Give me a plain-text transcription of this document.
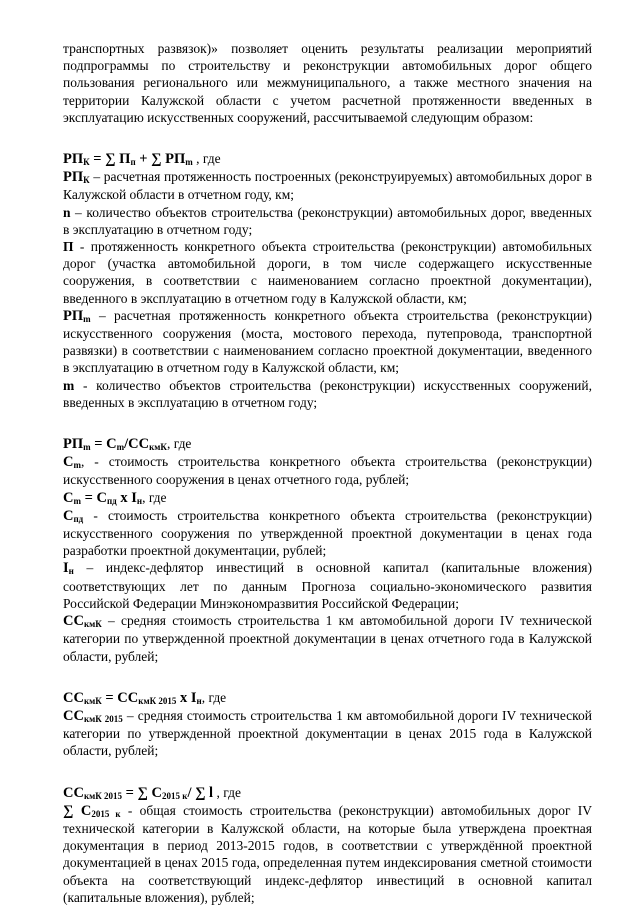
транспортных развязок)» позволяет оценить результаты реализации мероприятий подпрограммы по строительству и реконструкции автомобильных дорог общего пользования регионального или межмуниципального, а также местного значения на территории Калужской области с учетом расчетной протяженности введенных в эксплуатацию искусственных сооружений, рассчитываемой следующим образом:

$РП_К$ = ∑ $П_п$ + ∑ $РП_m$ , где

$РП_К$ – расчетная протяженность построенных (реконструируемых) автомобильных дорог в Калужской области в отчетном году, км;

n – количество объектов строительства (реконструкции) автомобильных дорог, введенных в эксплуатацию в отчетном году;

П - протяженность конкретного объекта строительства (реконструкции) автомобильных дорог (участка автомобильной дороги, в том числе содержащего искусственные сооружения, в соответствии с наименованием согласно проектной документации), введенного в эксплуатацию в отчетном году в Калужской области, км;

$РП_m$ – расчетная протяженность конкретного объекта строительства (реконструкции) искусственного сооружения (моста, мостового перехода, путепровода, транспортной развязки) в соответствии с наименованием согласно проектной документации, введенного в эксплуатацию в отчетном году в Калужской области, км;

m - количество объектов строительства (реконструкции) искусственных сооружений, введенных в эксплуатацию в отчетном году;

$РП_m = C_m/CC_{кмК}$, где

$С_m$, - стоимость строительства конкретного объекта строительства (реконструкции) искусственного сооружения в ценах отчетного года, рублей;

$С_m = С_{пд}$ x $I_н$, где

$С_{пд}$ - стоимость строительства конкретного объекта строительства (реконструкции) искусственного сооружения по утвержденной проектной документации в ценах года разработки проектной документации, рублей;

$I_н$ – индекс-дефлятор инвестиций в основной капитал (капитальные вложения) соответствующих лет по данным Прогноза социально-экономического развития Российской Федерации Минэкономразвития Российской Федерации;

$СС_{кмК}$ – средняя стоимость строительства 1 км автомобильной дороги IV технической категории по утвержденной проектной документации в ценах отчетного года в Калужской области, рублей;

$СС_{кмК} = СС_{кмК 2015}$ x $I_н$, где

$СС_{кмК 2015}$ – средняя стоимость строительства 1 км автомобильной дороги IV технической категории по утвержденной проектной документации в ценах 2015 года в Калужской области, рублей;

$СС_{кмК 2015}$ = ∑ $С_{2015 к}/$ ∑ l , где

∑ $С_{2015 к}$ - общая стоимость строительства (реконструкции) автомобильных дорог IV технической категории в Калужской области, на которые была утверждена проектная документация в период 2013-2015 годов, в соответствии с утверждённой проектной документацией в ценах 2015 года, определенная путем индексирования сметной стоимости объекта на соответствующий индекс-дефлятор инвестиций в основной капитал (капитальные вложения), рублей;
